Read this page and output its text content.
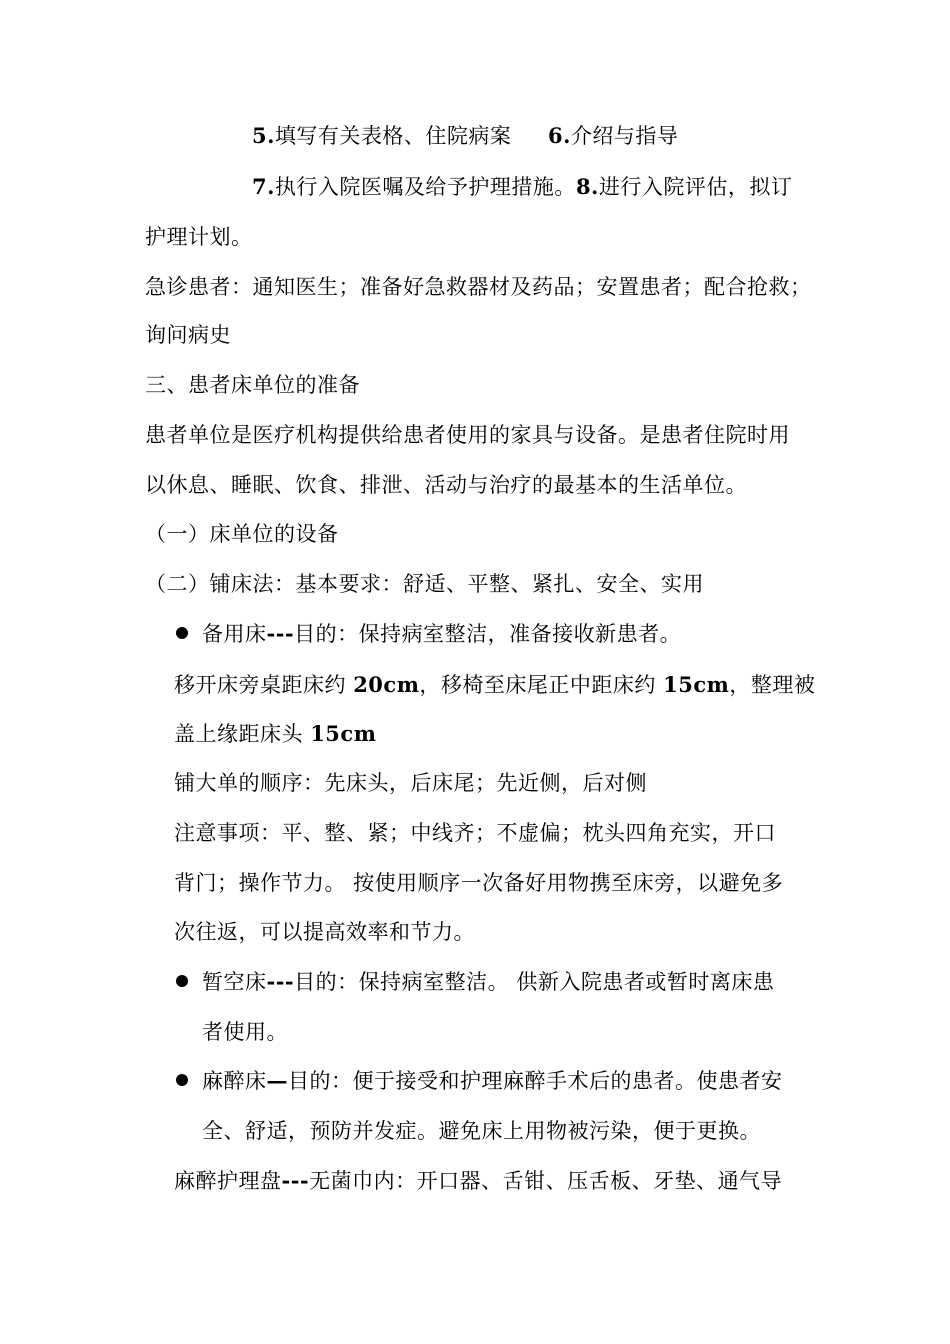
5.填写有关表格、住院病案 6.介绍与指导
7.执行入院医嘱及给予护理措施。8.进行入院评估，拟订
护理计划。
急诊患者：通知医生；准备好急救器材及药品；安置患者；配合抢救；
询问病史
三、患者床单位的准备
患者单位是医疗机构提供给患者使用的家具与设备。是患者住院时用
以休息、睡眠、饮食、排泄、活动与治疗的最基本的生活单位。
（一）床单位的设备
（二）铺床法：基本要求：舒适、平整、紧扎、安全、实用
备用床---目的：保持病室整洁，准备接收新患者。
移开床旁桌距床约 20cm，移椅至床尾正中距床约 15cm，整理被
盖上缘距床头 15cm
铺大单的顺序：先床头，后床尾；先近侧，后对侧
注意事项：平、整、紧；中线齐；不虚偏；枕头四角充实，开口
背门；操作节力。 按使用顺序一次备好用物携至床旁，以避免多
次往返，可以提高效率和节力。
暂空床---目的：保持病室整洁。 供新入院患者或暂时离床患
者使用。
麻醉床—目的：便于接受和护理麻醉手术后的患者。使患者安
全、舒适，预防并发症。避免床上用物被污染，便于更换。
麻醉护理盘---无菌巾内：开口器、舌钳、压舌板、牙垫、通气导
